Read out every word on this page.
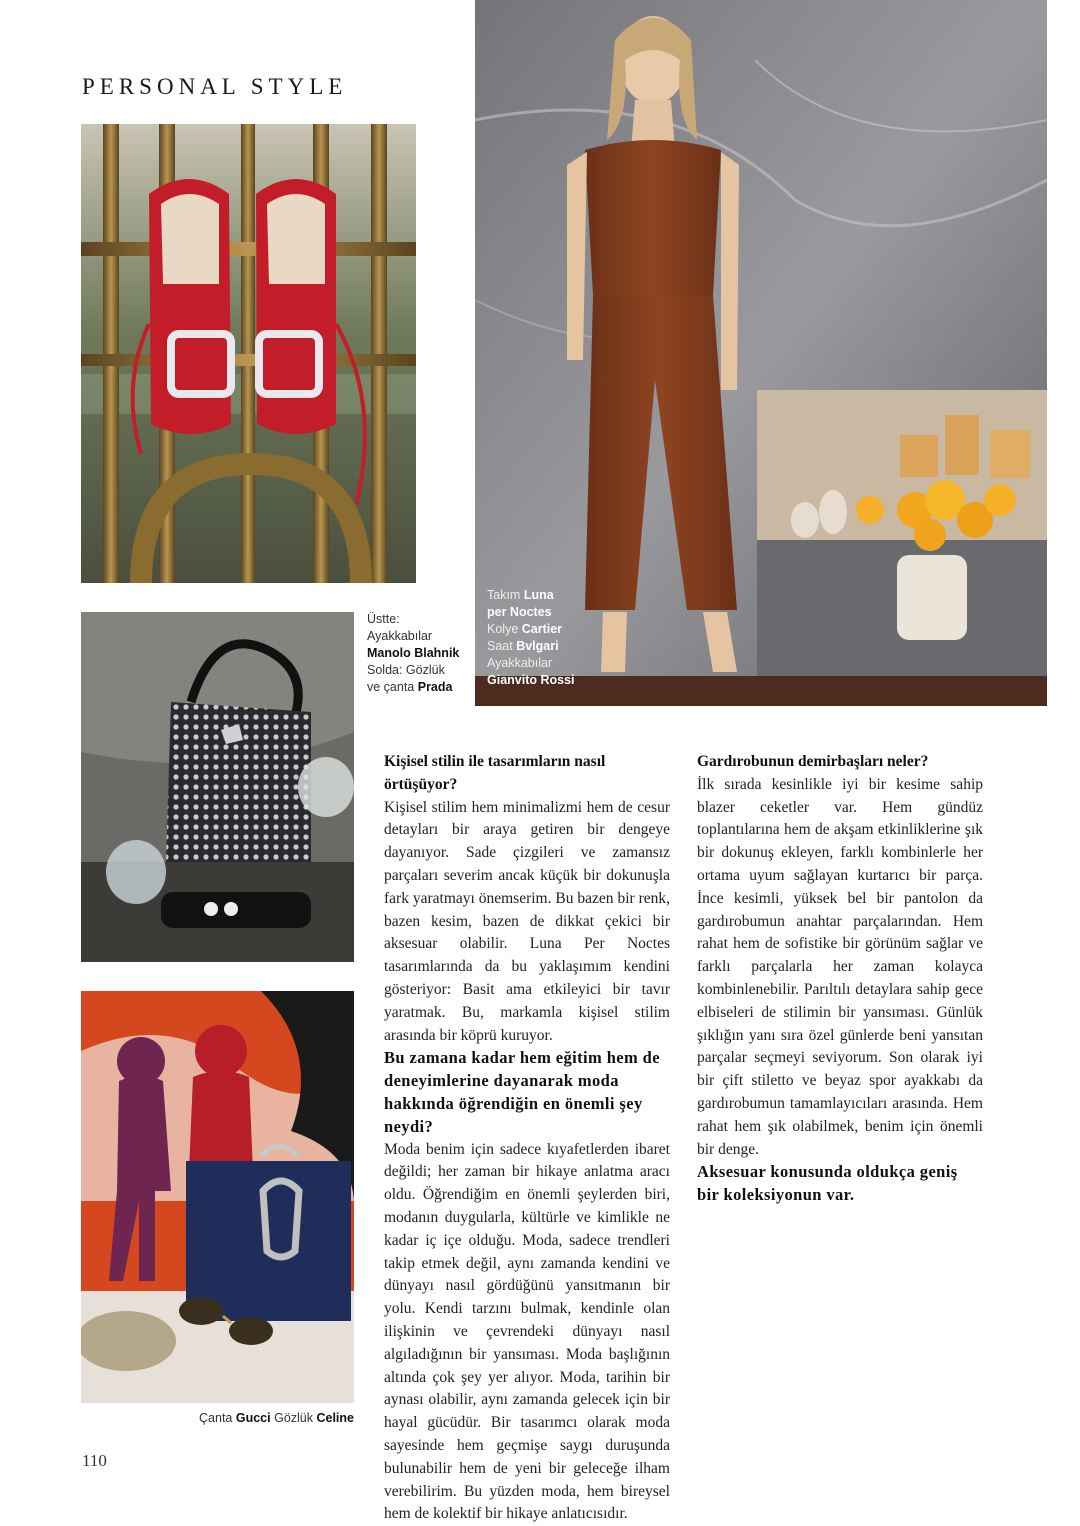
PERSONAL STYLE
Takım Luna
per Noctes
Kolye Cartier
Saat Bvlgari
Ayakkabılar
Gianvito Rossi
Üstte:
Ayakkabılar
Manolo Blahnik
Solda: Gözlük
ve çanta Prada
Çanta Gucci Gözlük Celine

Kişisel stilin ile tasarımların nasıl örtüşüyor?

Kişisel stilim hem minimalizmi hem de cesur detayları bir araya getiren bir dengeye dayanıyor. Sade çizgileri ve zamansız parçaları severim ancak küçük bir dokunuşla fark yaratmayı önemserim. Bu bazen bir renk, bazen kesim, bazen de dikkat çekici bir aksesuar olabilir. Luna Per Noctes tasarımlarında da bu yaklaşımım kendini gösteriyor: Basit ama etkileyici bir tavır yaratmak. Bu, markamla kişisel stilim arasında bir köprü kuruyor.

Bu zamana kadar hem eğitim hem de deneyimlerine dayanarak moda hakkında öğrendiğin en önemli şey neydi?

Moda benim için sadece kıyafetlerden ibaret değildi; her zaman bir hikaye anlatma aracı oldu. Öğrendiğim en önemli şeylerden biri, modanın duygularla, kültürle ve kimlikle ne kadar iç içe olduğu. Moda, sadece trendleri takip etmek değil, aynı zamanda kendini ve dünyayı nasıl gördüğünü yansıtmanın bir yolu. Kendi tarzını bulmak, kendinle olan ilişkinin ve çevrendeki dünyayı nasıl algıladığının bir yansıması. Moda başlığının altında çok şey yer alıyor. Moda, tarihin bir aynası olabilir, aynı zamanda gelecek için bir hayal gücüdür. Bir tasarımcı olarak moda sayesinde hem geçmişe saygı duruşunda bulunabilir hem de yeni bir geleceğe ilham verebilirim. Bu yüzden moda, hem bireysel hem de kolektif bir hikaye anlatıcısıdır.

Gardırobunun demirbaşları neler?

İlk sırada kesinlikle iyi bir kesime sahip blazer ceketler var. Hem gündüz toplantılarına hem de akşam etkinliklerine şık bir dokunuş ekleyen, farklı kombinlerle her ortama uyum sağlayan kurtarıcı bir parça. İnce kesimli, yüksek bel bir pantolon da gardırobumun anahtar parçalarından. Hem rahat hem de sofistike bir görünüm sağlar ve farklı parçalarla her zaman kolayca kombinlenebilir. Parıltılı detaylara sahip gece elbiseleri de stilimin bir yansıması. Günlük şıklığın yanı sıra özel günlerde beni yansıtan parçalar seçmeyi seviyorum. Son olarak iyi bir çift stiletto ve beyaz spor ayakkabı da gardırobumun tamamlayıcıları arasında. Hem rahat hem şık olabilmek, benim için önemli bir denge.

Aksesuar konusunda oldukça geniş bir koleksiyonun var.

110
